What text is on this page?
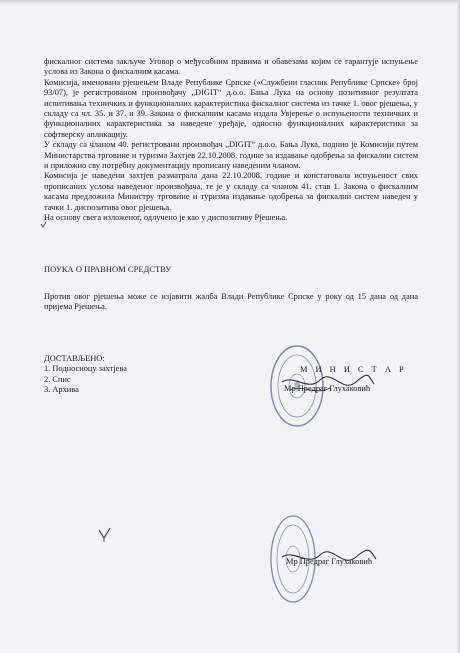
фискалног система закључе Уговор о међусобним правима и обавезама којим се гарантује испуњење услова из Закона о фискалним касама.

Комисија, именована рјешењем Владе Републике Српске («Службени гласник Републике Српске» број 93/07), је регистрованом произвођачу „DIGIT“ д.о.о. Бања Лука на основу позитивног резултата испитивања техничких и функционалних карактеристика фискалног система из тачке 1. овог рјешења, у складу са чл. 35. и 37. и 39. Закона о фискалним касама издала Увјерење о испуњености техничких и функционалних карактеристика за наведене уређаје, односно функционалних карактеристика за софтверску апликацију.

У складу са чланом 40. регистровани произвођач „DIGIT“ д.о.о. Бања Лука, поднио је Комисији путем Министарства трговине и туризма Захтјев 22.10.2008. године за издавање одобрења за фискални систем и приложио сву потребну документацију прописану наведеним чланом.

Комисија је наведени захтјев разматрала дана 22.10.2008. године и констатовала испуњеност свих прописаних услова наведеног произвођача, те је у складу са чланом 41. став 1. Закона о фискалним касама предложила Министру трговине и туризма издавање одобрења за фискални систем наведен у тачки 1. диспозитива овог рјешења.

На основу свега изложеног, одлучено је као у диспозитиву Рјешења.

ПОУКА О ПРАВНОМ СРЕДСТВУ
Против овог рјешења може се изјавити жалба Влади Републике Српске у року од 15 дана од дана пријема Рјешења.
ДОСТАВЉЕНО:
1. Подносиоцу захтјева
2. Спис
3. Архива
М И Н И С Т А Р
Мр Предраг Глухаковић
Мр Предраг Глухаковић
